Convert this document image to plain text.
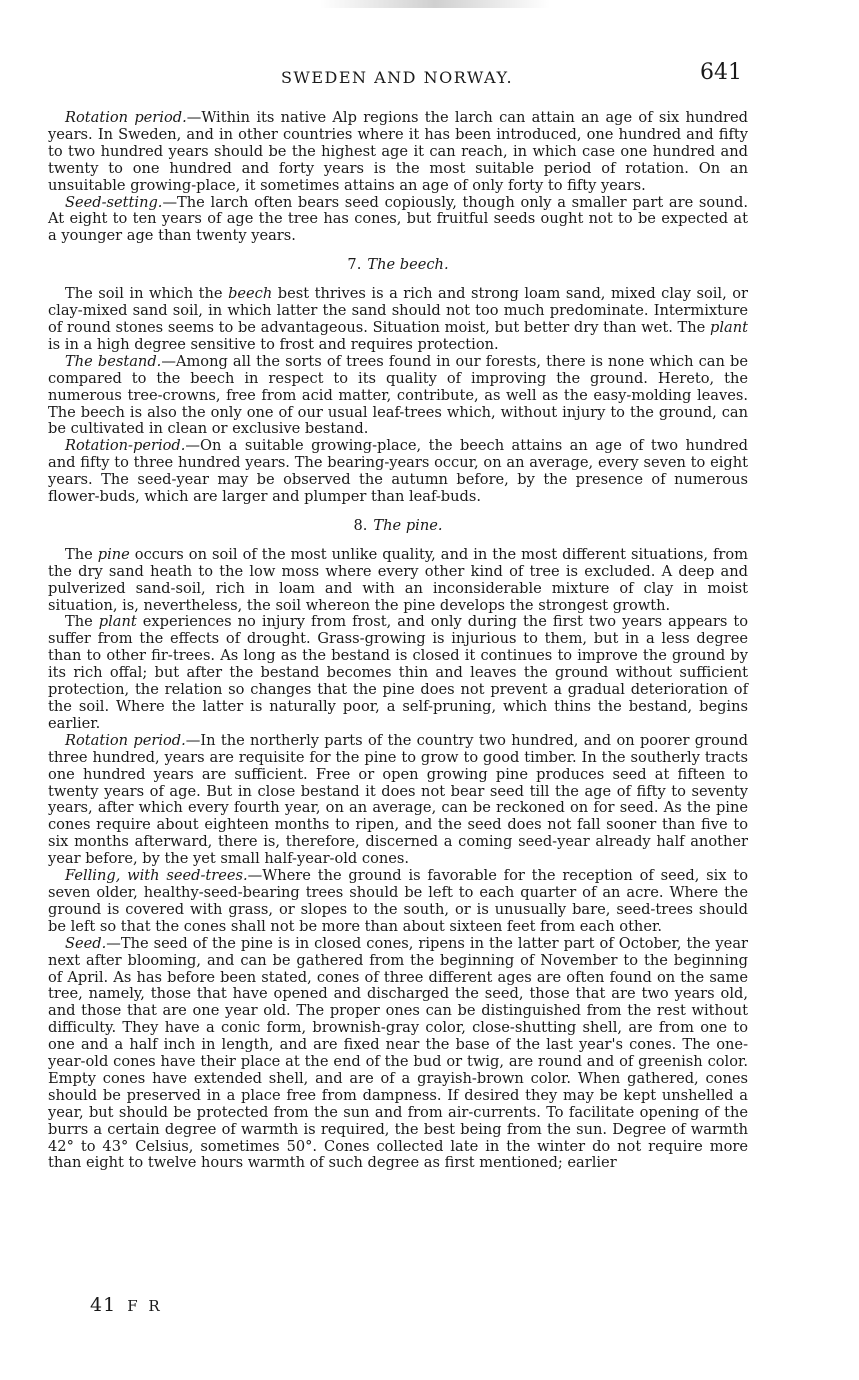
SWEDEN AND NORWAY.	641

Rotation period.—Within its native Alp regions the larch can attain an age of six hundred years. In Sweden, and in other countries where it has been introduced, one hundred and fifty to two hundred years should be the highest age it can reach, in which case one hundred and twenty to one hundred and forty years is the most suitable period of rotation. On an unsuitable growing-place, it sometimes attains an age of only forty to fifty years.

Seed-setting.—The larch often bears seed copiously, though only a smaller part are sound. At eight to ten years of age the tree has cones, but fruitful seeds ought not to be expected at a younger age than twenty years.

7. The beech.

The soil in which the beech best thrives is a rich and strong loam sand, mixed clay soil, or clay-mixed sand soil, in which latter the sand should not too much predominate. Intermixture of round stones seems to be advantageous. Situation moist, but better dry than wet. The plant is in a high degree sensitive to frost and requires protection.

The bestand.—Among all the sorts of trees found in our forests, there is none which can be compared to the beech in respect to its quality of improving the ground. Hereto, the numerous tree-crowns, free from acid matter, contribute, as well as the easy-molding leaves. The beech is also the only one of our usual leaf-trees which, without injury to the ground, can be cultivated in clean or exclusive bestand.

Rotation-period.—On a suitable growing-place, the beech attains an age of two hundred and fifty to three hundred years. The bearing-years occur, on an average, every seven to eight years. The seed-year may be observed the autumn before, by the presence of numerous flower-buds, which are larger and plumper than leaf-buds.

8. The pine.

The pine occurs on soil of the most unlike quality, and in the most different situations, from the dry sand heath to the low moss where every other kind of tree is excluded. A deep and pulverized sand-soil, rich in loam and with an inconsiderable mixture of clay in moist situation, is, nevertheless, the soil whereon the pine develops the strongest growth.

The plant experiences no injury from frost, and only during the first two years appears to suffer from the effects of drought. Grass-growing is injurious to them, but in a less degree than to other fir-trees. As long as the bestand is closed it continues to improve the ground by its rich offal; but after the bestand becomes thin and leaves the ground without sufficient protection, the relation so changes that the pine does not prevent a gradual deterioration of the soil. Where the latter is naturally poor, a self-pruning, which thins the bestand, begins earlier.

Rotation period.—In the northerly parts of the country two hundred, and on poorer ground three hundred, years are requisite for the pine to grow to good timber. In the southerly tracts one hundred years are sufficient. Free or open growing pine produces seed at fifteen to twenty years of age. But in close bestand it does not bear seed till the age of fifty to seventy years, after which every fourth year, on an average, can be reckoned on for seed. As the pine cones require about eighteen months to ripen, and the seed does not fall sooner than five to six months afterward, there is, therefore, discerned a coming seed-year already half another year before, by the yet small half-year-old cones.

Felling, with seed-trees.—Where the ground is favorable for the reception of seed, six to seven older, healthy-seed-bearing trees should be left to each quarter of an acre. Where the ground is covered with grass, or slopes to the south, or is unusually bare, seed-trees should be left so that the cones shall not be more than about sixteen feet from each other.

Seed.—The seed of the pine is in closed cones, ripens in the latter part of October, the year next after blooming, and can be gathered from the beginning of November to the beginning of April. As has before been stated, cones of three different ages are often found on the same tree, namely, those that have opened and discharged the seed, those that are two years old, and those that are one year old. The proper ones can be distinguished from the rest without difficulty. They have a conic form, brownish-gray color, close-shutting shell, are from one to one and a half inch in length, and are fixed near the base of the last year's cones. The one-year-old cones have their place at the end of the bud or twig, are round and of greenish color. Empty cones have extended shell, and are of a grayish-brown color. When gathered, cones should be preserved in a place free from dampness. If desired they may be kept unshelled a year, but should be protected from the sun and from air-currents. To facilitate opening of the burrs a certain degree of warmth is required, the best being from the sun. Degree of warmth 42° to 43° Celsius, sometimes 50°. Cones collected late in the winter do not require more than eight to twelve hours warmth of such degree as first mentioned; earlier

41 F R
